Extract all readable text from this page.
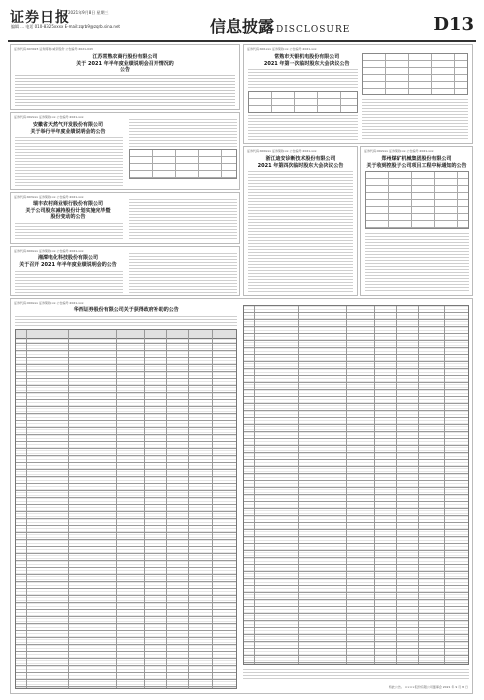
证券日报
2021年9月8日 星期三
编辑 ... 电话 010-8325xxxx E-mail:zqrb9@zqrb.sina.net	信息披露 DISCLOSURE	D13
证券代码:603023 证券简称:威帝股份 公告编号:2021-043
江苏常熟农商行股份有限公司
关于 2021 年半年度业绩说明会召开情况的
公告
证券代码:002xxx 证券简称:xx 公告编号:2021-xxx
安徽省天然气开发股份有限公司
关于举行半年度业绩说明会的公告
证券代码:603xxx 证券简称:xx 公告编号:2021-xxx
瑞丰农村商业银行股份有限公司
关于公司股东减持股份计划实施完毕暨
股份变动的公告
证券代码:600xxx 证券简称:xx 公告编号:2021-xxx
湘潭电化科技股份有限公司
关于召开 2021 年半年度业绩说明会的公告
证券代码:601xxx 证券简称:xx 公告编号:2021-xxx
常熟市天银机电股份有限公司
2021 年第一次临时股东大会决议公告
证券代码:600xxx 证券简称:xx 公告编号:2021-xxx
浙江迪安诊断技术股份有限公司
2021 年第四次临时股东大会决议公告
证券代码:002xxx 证券简称:xx 公告编号:2021-xxx
郑州煤矿机械集团股份有限公司
关于收到控股子公司项目工程中标通知的公告
证券代码:000xxx 证券简称:xx 公告编号:2021-xxx
华西证券股份有限公司关于获得政府补助的公告
特此公告。 ××××股份有限公司董事会 2021 年 9 月 8 日
